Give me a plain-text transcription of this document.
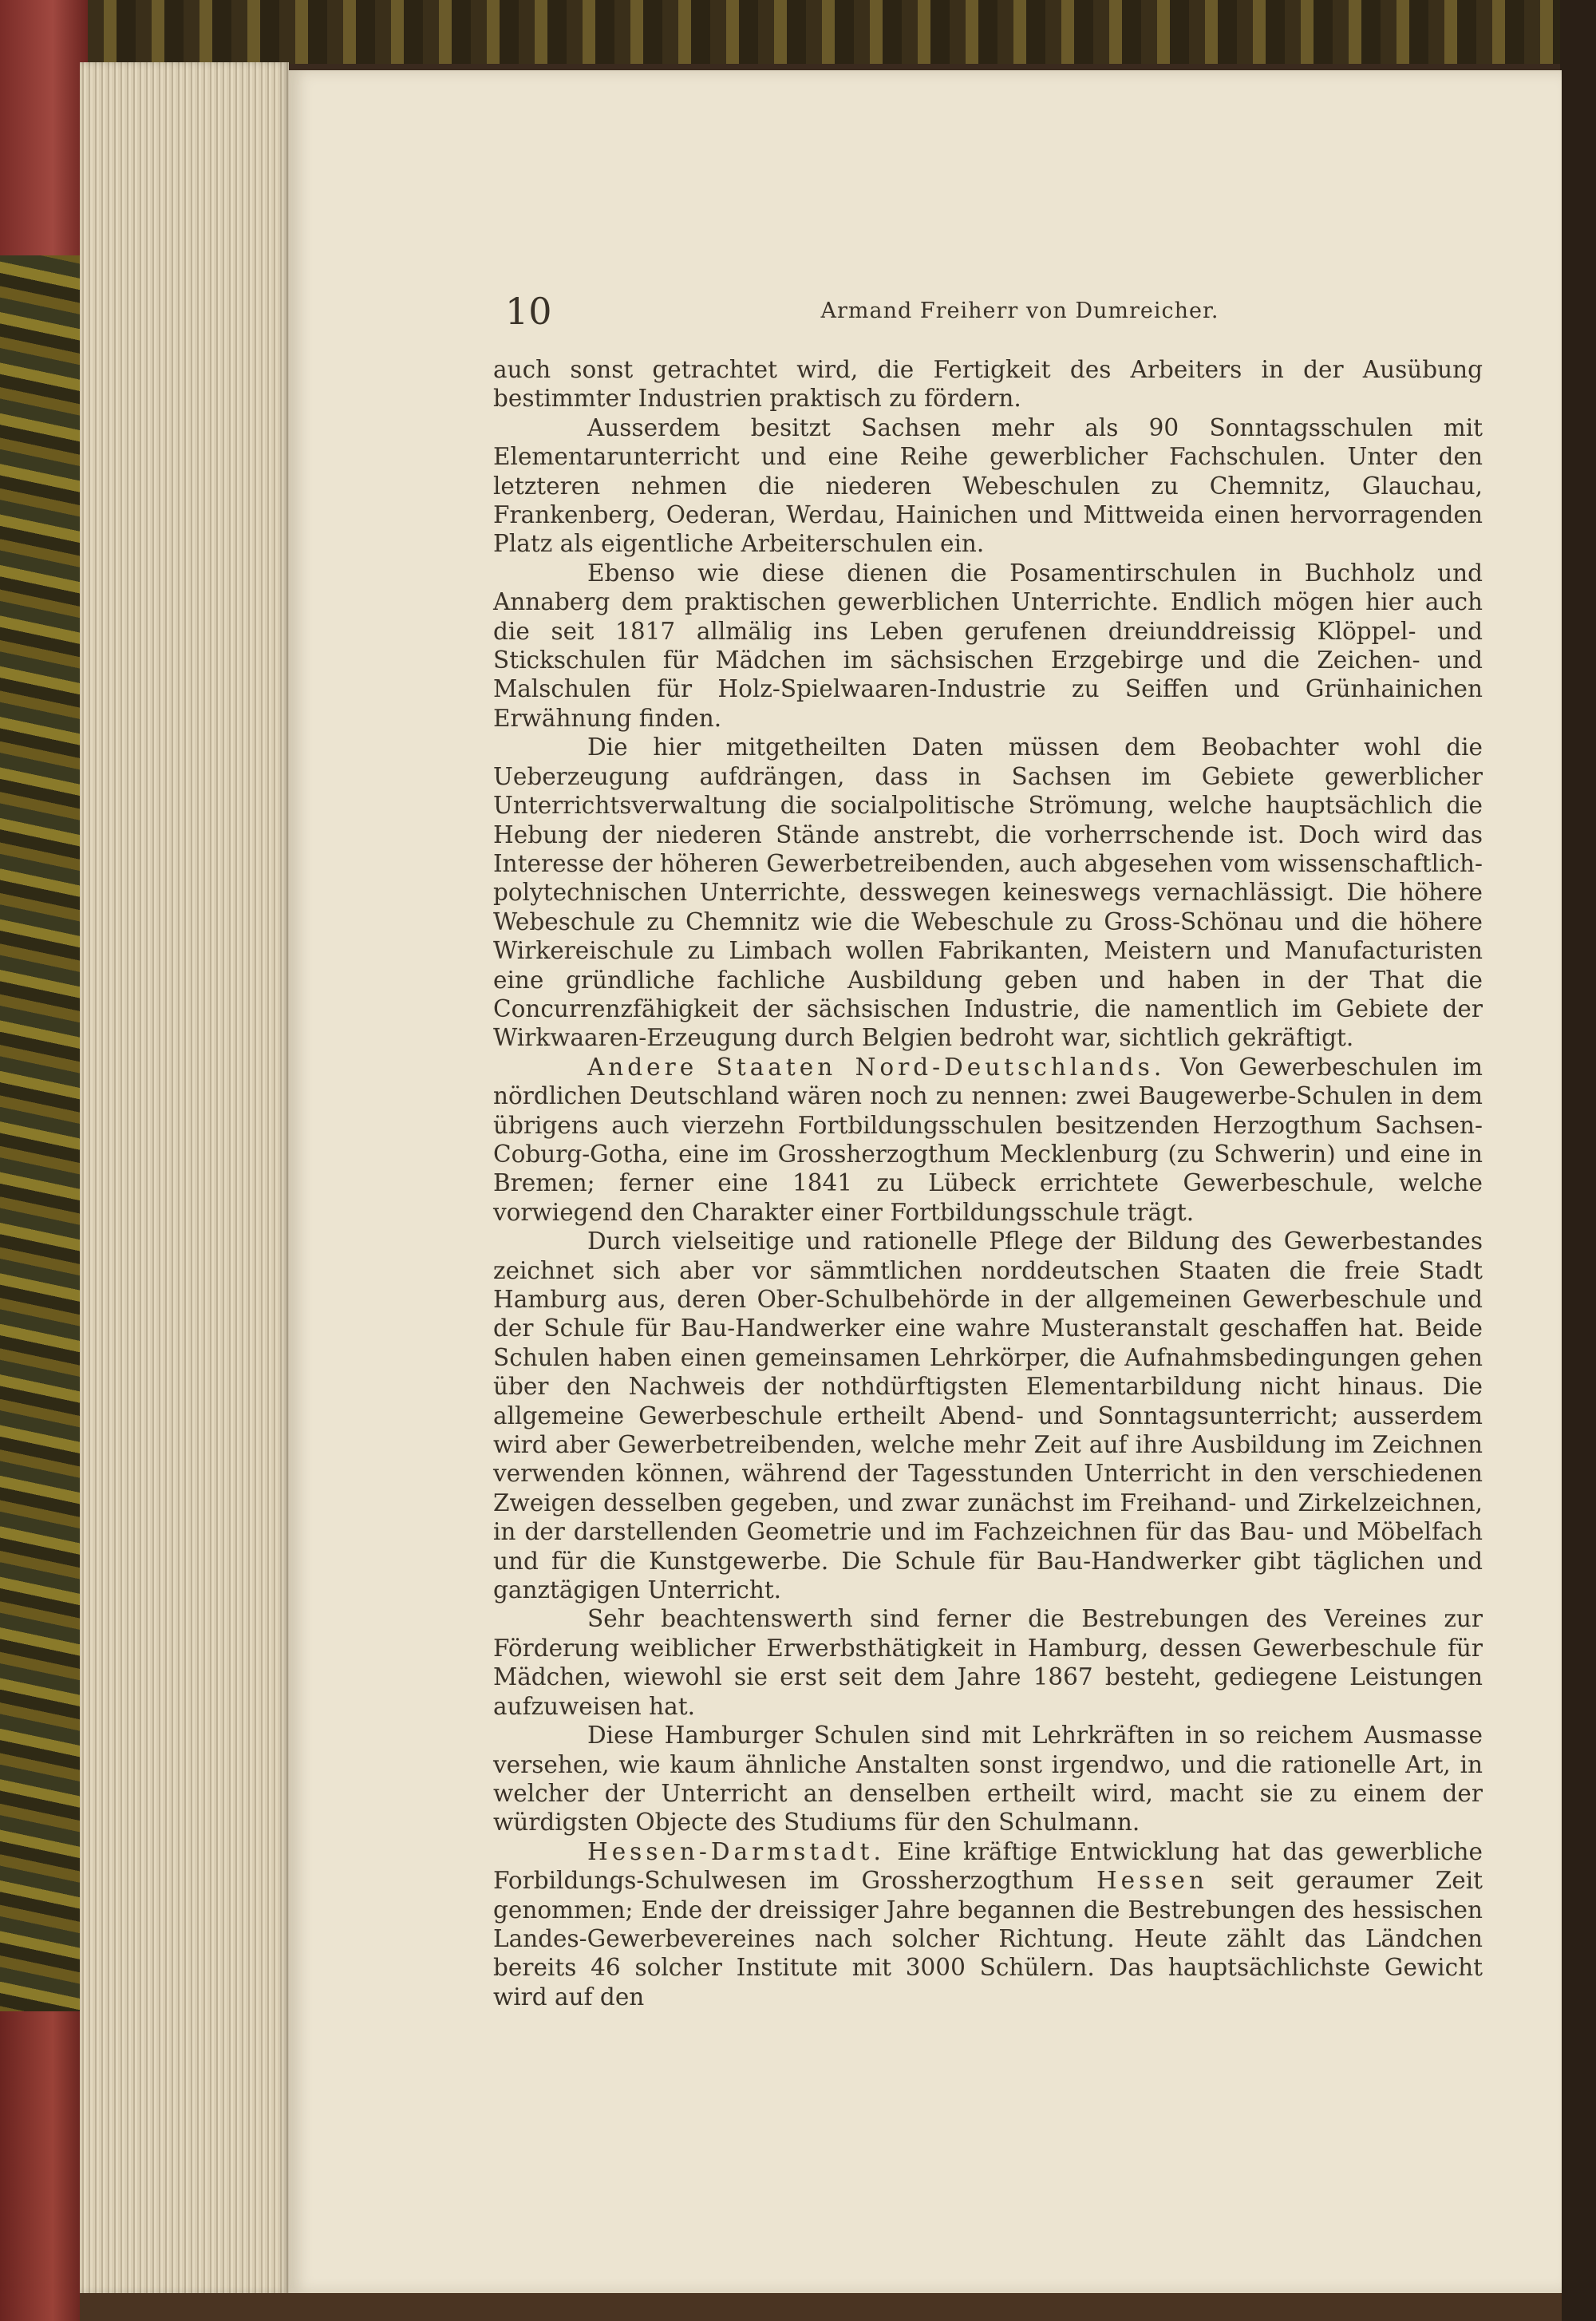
10	Armand Freiherr von Dumreicher.

auch sonst getrachtet wird, die Fertigkeit des Arbeiters in der Ausübung bestimmter Industrien praktisch zu fördern.

Ausserdem besitzt Sachsen mehr als 90 Sonntagsschulen mit Elementarunterricht und eine Reihe gewerblicher Fachschulen. Unter den letzteren nehmen die niederen Webeschulen zu Chemnitz, Glauchau, Frankenberg, Oederan, Werdau, Hainichen und Mittweida einen hervorragenden Platz als eigentliche Arbeiterschulen ein.

Ebenso wie diese dienen die Posamentirschulen in Buchholz und Annaberg dem praktischen gewerblichen Unterrichte. Endlich mögen hier auch die seit 1817 allmälig ins Leben gerufenen dreiunddreissig Klöppel- und Stickschulen für Mädchen im sächsischen Erzgebirge und die Zeichen- und Malschulen für Holz-Spielwaaren-Industrie zu Seiffen und Grünhainichen Erwähnung finden.

Die hier mitgetheilten Daten müssen dem Beobachter wohl die Ueberzeugung aufdrängen, dass in Sachsen im Gebiete gewerblicher Unterrichtsverwaltung die socialpolitische Strömung, welche hauptsächlich die Hebung der niederen Stände anstrebt, die vorherrschende ist. Doch wird das Interesse der höheren Gewerbetreibenden, auch abgesehen vom wissenschaftlich-polytechnischen Unterrichte, desswegen keineswegs vernachlässigt. Die höhere Webeschule zu Chemnitz wie die Webeschule zu Gross-Schönau und die höhere Wirkereischule zu Limbach wollen Fabrikanten, Meistern und Manufacturisten eine gründliche fachliche Ausbildung geben und haben in der That die Concurrenzfähigkeit der sächsischen Industrie, die namentlich im Gebiete der Wirkwaaren-Erzeugung durch Belgien bedroht war, sichtlich gekräftigt.

Andere Staaten Nord-Deutschlands. Von Gewerbeschulen im nördlichen Deutschland wären noch zu nennen: zwei Baugewerbe-Schulen in dem übrigens auch vierzehn Fortbildungsschulen besitzenden Herzogthum Sachsen-Coburg-Gotha, eine im Grossherzogthum Mecklenburg (zu Schwerin) und eine in Bremen; ferner eine 1841 zu Lübeck errichtete Gewerbeschule, welche vorwiegend den Charakter einer Fortbildungsschule trägt.

Durch vielseitige und rationelle Pflege der Bildung des Gewerbestandes zeichnet sich aber vor sämmtlichen norddeutschen Staaten die freie Stadt Hamburg aus, deren Ober-Schulbehörde in der allgemeinen Gewerbeschule und der Schule für Bau-Handwerker eine wahre Musteranstalt geschaffen hat. Beide Schulen haben einen gemeinsamen Lehrkörper, die Aufnahmsbedingungen gehen über den Nachweis der nothdürftigsten Elementarbildung nicht hinaus. Die allgemeine Gewerbeschule ertheilt Abend- und Sonntagsunterricht; ausserdem wird aber Gewerbetreibenden, welche mehr Zeit auf ihre Ausbildung im Zeichnen verwenden können, während der Tagesstunden Unterricht in den verschiedenen Zweigen desselben gegeben, und zwar zunächst im Freihand- und Zirkelzeichnen, in der darstellenden Geometrie und im Fachzeichnen für das Bau- und Möbelfach und für die Kunstgewerbe. Die Schule für Bau-Handwerker gibt täglichen und ganztägigen Unterricht.

Sehr beachtenswerth sind ferner die Bestrebungen des Vereines zur Förderung weiblicher Erwerbsthätigkeit in Hamburg, dessen Gewerbeschule für Mädchen, wiewohl sie erst seit dem Jahre 1867 besteht, gediegene Leistungen aufzuweisen hat.

Diese Hamburger Schulen sind mit Lehrkräften in so reichem Ausmasse versehen, wie kaum ähnliche Anstalten sonst irgendwo, und die rationelle Art, in welcher der Unterricht an denselben ertheilt wird, macht sie zu einem der würdigsten Objecte des Studiums für den Schulmann.

Hessen-Darmstadt. Eine kräftige Entwicklung hat das gewerbliche Forbildungs-Schulwesen im Grossherzogthum Hessen seit geraumer Zeit genommen; Ende der dreissiger Jahre begannen die Bestrebungen des hessischen Landes-Gewerbevereines nach solcher Richtung. Heute zählt das Ländchen bereits 46 solcher Institute mit 3000 Schülern. Das hauptsächlichste Gewicht wird auf den
